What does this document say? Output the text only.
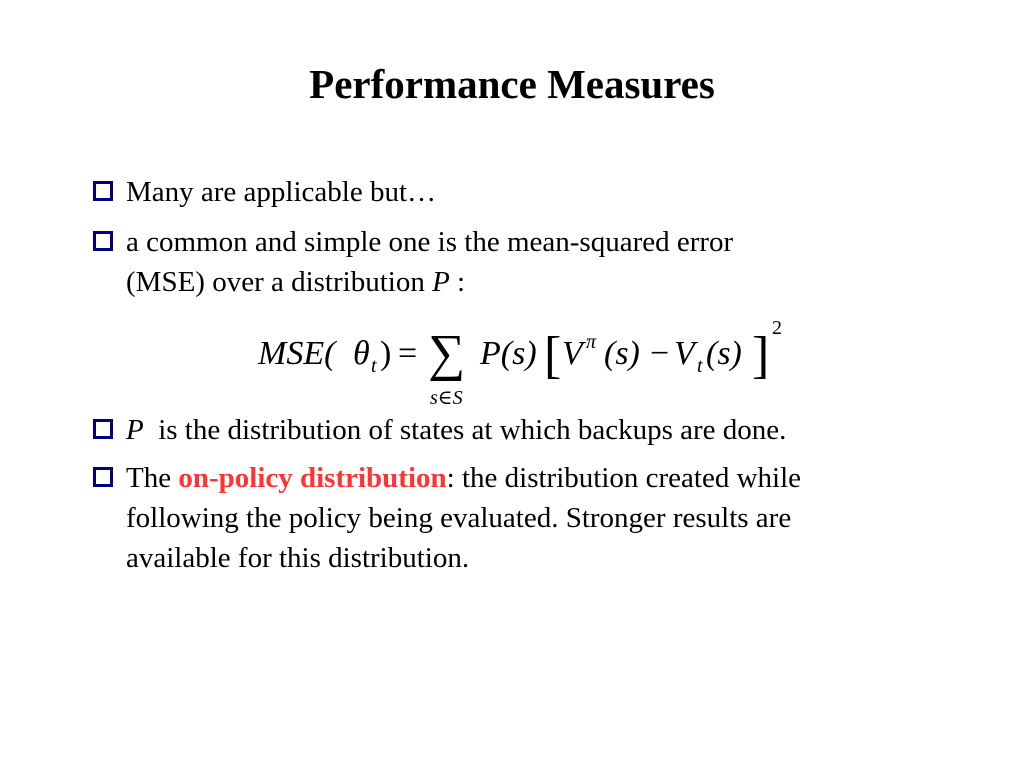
Performance Measures
Many are applicable but…
a common and simple one is the mean-squared error
(MSE) over a distribution P :
MSE( θ t ) = ∑
s∈S
P(s) [ V π (s) − V t (s) ] 2
P  is the distribution of states at which backups are done.
The on-policy distribution: the distribution created while
following the policy being evaluated. Stronger results are
available for this distribution.
